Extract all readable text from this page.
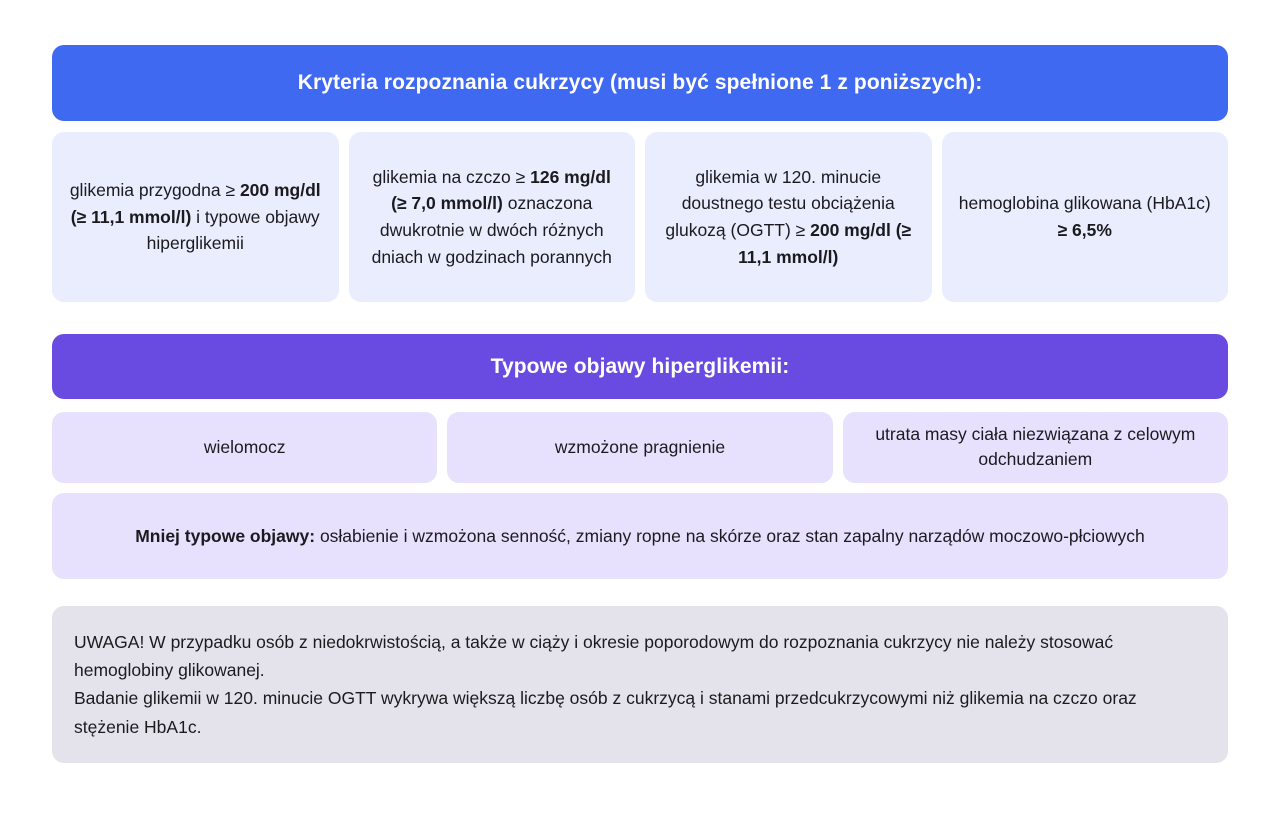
Kryteria rozpoznania cukrzycy (musi być spełnione 1 z poniższych):
glikemia przygodna ≥ 200 mg/dl (≥ 11,1 mmol/l) i typowe objawy hiperglikemii
glikemia na czczo ≥ 126 mg/dl (≥ 7,0 mmol/l) oznaczona dwukrotnie w dwóch różnych dniach w godzinach porannych
glikemia w 120. minucie doustnego testu obciążenia glukozą (OGTT) ≥ 200 mg/dl (≥ 11,1 mmol/l)
hemoglobina glikowana (HbA1c) ≥ 6,5%
Typowe objawy hiperglikemii:
wielomocz	wzmożone pragnienie
utrata masy ciała niezwiązana z celowym odchudzaniem
Mniej typowe objawy: osłabienie i wzmożona senność, zmiany ropne na skórze oraz stan zapalny narządów moczowo-płciowych

UWAGA! W przypadku osób z niedokrwistością, a także w ciąży i okresie poporodowym do rozpoznania cukrzycy nie należy stosować hemoglobiny glikowanej.

Badanie glikemii w 120. minucie OGTT wykrywa większą liczbę osób z cukrzycą i stanami przedcukrzycowymi niż glikemia na czczo oraz stężenie HbA1c.
